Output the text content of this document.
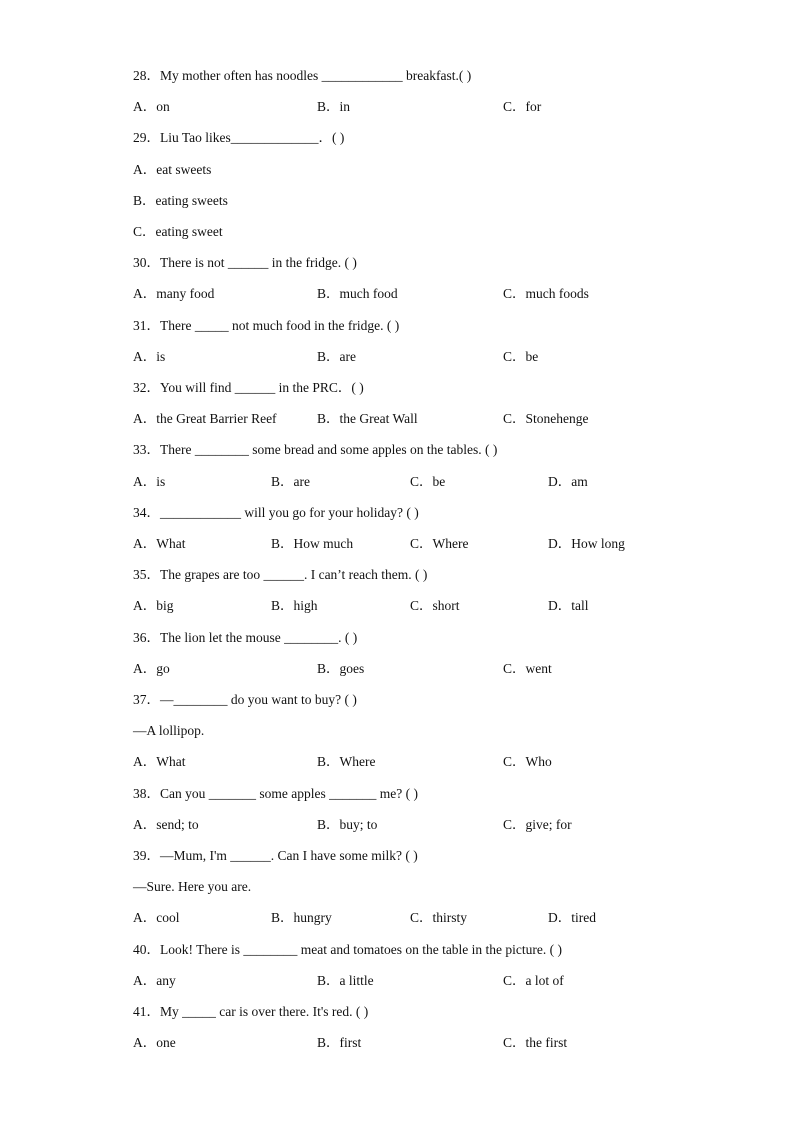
28．My mother often has noodles ____________ breakfast.( )
A．on	B．in	C．for
29．Liu Tao likes_____________．( )
A．eat sweets
B．eating sweets
C．eating sweet
30．There is not ______ in the fridge. ( )
A．many food	B．much food	C．much foods
31．There _____ not much food in the fridge. ( )
A．is	B．are	C．be
32．You will find ______ in the PRC．( )
A．the Great Barrier Reef	B．the Great Wall	C．Stonehenge
33．There ________ some bread and some apples on the tables. ( )
A．is	B．are	C．be	D．am
34．____________ will you go for your holiday? ( )
A．What	B．How much	C．Where	D．How long
35．The grapes are too ______. I can’t reach them. ( )
A．big	B．high	C．short	D．tall
36．The lion let the mouse ________. ( )
A．go	B．goes	C．went
37．—________ do you want to buy? ( )
—A lollipop.
A．What	B．Where	C．Who
38．Can you _______ some apples _______ me? ( )
A．send; to	B．buy; to	C．give; for
39．—Mum, I'm ______. Can I have some milk? ( )
—Sure. Here you are.
A．cool	B．hungry	C．thirsty	D．tired
40．Look! There is ________ meat and tomatoes on the table in the picture. ( )
A．any	B．a little	C．a lot of
41．My _____ car is over there. It's red. ( )
A．one	B．first	C．the first
